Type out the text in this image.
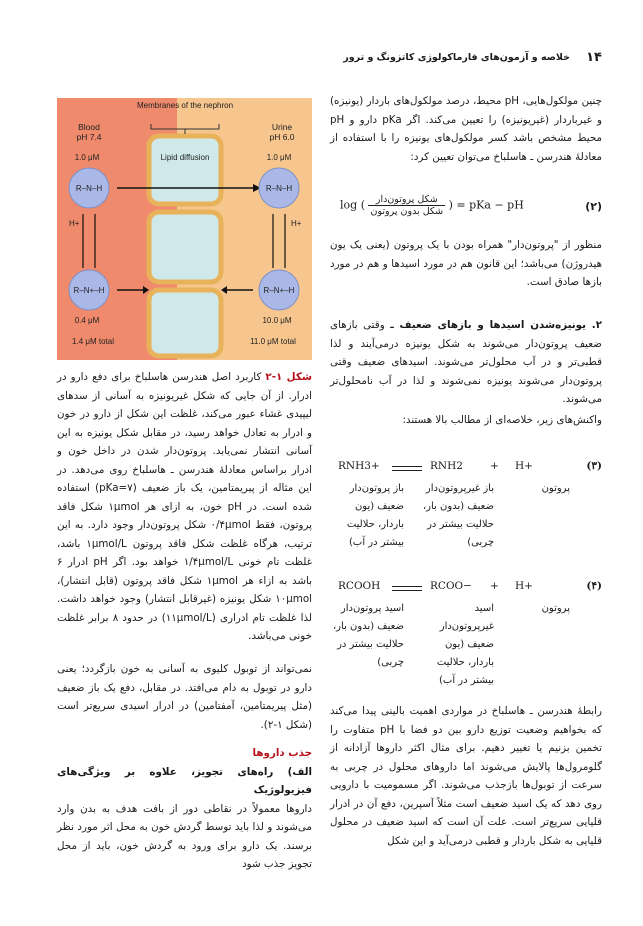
۱۴
خلاصه و آزمون‌های فارماکولوژی کاتزونگ و ترور

چنین مولکول‌هایی، pH محیط، درصد مولکول‌های باردار (یونیزه) و غیرباردار (غیریونیزه) را تعیین می‌کند. اگر pKa دارو و pH محیط مشخص باشد کسر مولکول‌های یونیزه را با استفاده از معادلهٔ هندرسن ـ هاسلباخ می‌توان تعیین کرد:

(۲)
log ( $\frac{\text{شکل پروتون‌دار}}{\text{شکل بدون پروتون}}$ ) = pKa − pH

منظور از "پروتون‌دار" همراه بودن با یک پروتون (یعنی یک یون هیدروژن) می‌باشد؛ این قانون هم در مورد اسیدها و هم در مورد بازها صادق است.

۲. یونیزه‌شدن اسیدها و بازهای ضعیف ـ وقتی بازهای ضعیف پروتون‌دار می‌شوند به شکل یونیزه درمی‌آیند و لذا قطبی‌تر و در آب محلول‌تر می‌شوند. اسیدهای ضعیف وقتی پروتون‌دار می‌شوند یونیزه نمی‌شوند و لذا در آب نامحلول‌تر می‌شوند.

واکنش‌های زیر، خلاصه‌ای از مطالب بالا هستند:

(۳)
RNH3+	RNH2	+ H+
باز پروتون‌دار ضعیف (یون باردار، حلالیت بیشتر در آب)
باز غیرپروتون‌دار ضعیف (بدون بار، حلالیت بیشتر در چربی)
پروتون
(۴)
RCOOH	RCOO− + H+
اسید پروتون‌دار ضعیف (بدون بار، حلالیت بیشتر در چربی)
اسید غیرپروتون‌دار ضعیف (یون باردار، حلالیت بیشتر در آب)
پروتون

رابطهٔ هندرسن ـ هاسلباخ در مواردی اهمیت بالینی پیدا می‌کند که بخواهیم وضعیت توزیع دارو بین دو فضا با pH متفاوت را تخمین بزنیم یا تغییر دهیم. برای مثال اکثر داروها آزادانه از گلومرول‌ها پالایش می‌شوند اما داروهای محلول در چربی به سرعت از توبول‌ها بازجذب می‌شوند. اگر مسمومیت با دارویی روی دهد که یک اسید ضعیف است مثلاً آسپرین، دفع آن در ادرار قلیایی سریع‌تر است. علت آن است که اسید ضعیف در محلول قلیایی به شکل باردار و قطبی درمی‌آید و این شکل

Membranes of the nephron
Blood
pH 7.4
Urine
pH 6.0
Lipid diffusion
1.0 μM
R–N–H
1.0 μM
R–N–H
H+	H+
R–N+–H	R–N+–H
0.4 μM
1.4 μM total
10.0 μM
11.0 μM total

شکل ۱-۲ کاربرد اصل هندرسن هاسلباخ برای دفع دارو در ادرار. از آن جایی که شکل غیریونیزه به آسانی از سدهای لیپیدی غشاء عبور می‌کند، غلظت این شکل از دارو در خون و ادرار به تعادل خواهد رسید، در مقابل شکل یونیزه به این آسانی انتشار نمی‌یابد. پروتون‌دار شدن در داخل خون و ادرار براساس معادلهٔ هندرسن ـ هاسلباخ روی می‌دهد. در این مثاله از پیریمتامین، یک باز ضعیف (pKa=۷) استفاده شده است. در pH خون، به ازای هر ۱μmol شکل فاقد پروتون، فقط ۰/۴μmol شکل پروتون‌دار وجود دارد. به این ترتیب، هرگاه غلظت شکل فاقد پروتون ۱μmol/L باشد، غلظت تام خونی ۱/۴μmol/L خواهد بود. اگر pH ادرار ۶ باشد به ازاء هر ۱μmol شکل فاقد پروتون (قابل انتشار)، ۱۰μmol شکل یونیزه (غیرقابل انتشار) وجود خواهد داشت. لذا غلظت تام ادراری (۱۱μmol/L) در حدود ۸ برابر غلظت خونی می‌باشد.

نمی‌تواند از توبول کلیوی به آسانی به خون بازگردد؛ یعنی دارو در توبول به دام می‌افتد. در مقابل، دفع یک باز ضعیف (مثل پیریمتامین، آمفتامین) در ادرار اسیدی سریع‌تر است (شکل ۱-۲).

جذب داروها

الف) راه‌های تجویز، علاوه بر ویژگی‌های فیزیولوژیک

داروها معمولاً در نقاطی دور از بافت هدف به بدن وارد می‌شوند و لذا باید توسط گردش خون به محل اثر مورد نظر برسند. یک دارو برای ورود به گردش خون، باید از محل تجویز جذب شود
